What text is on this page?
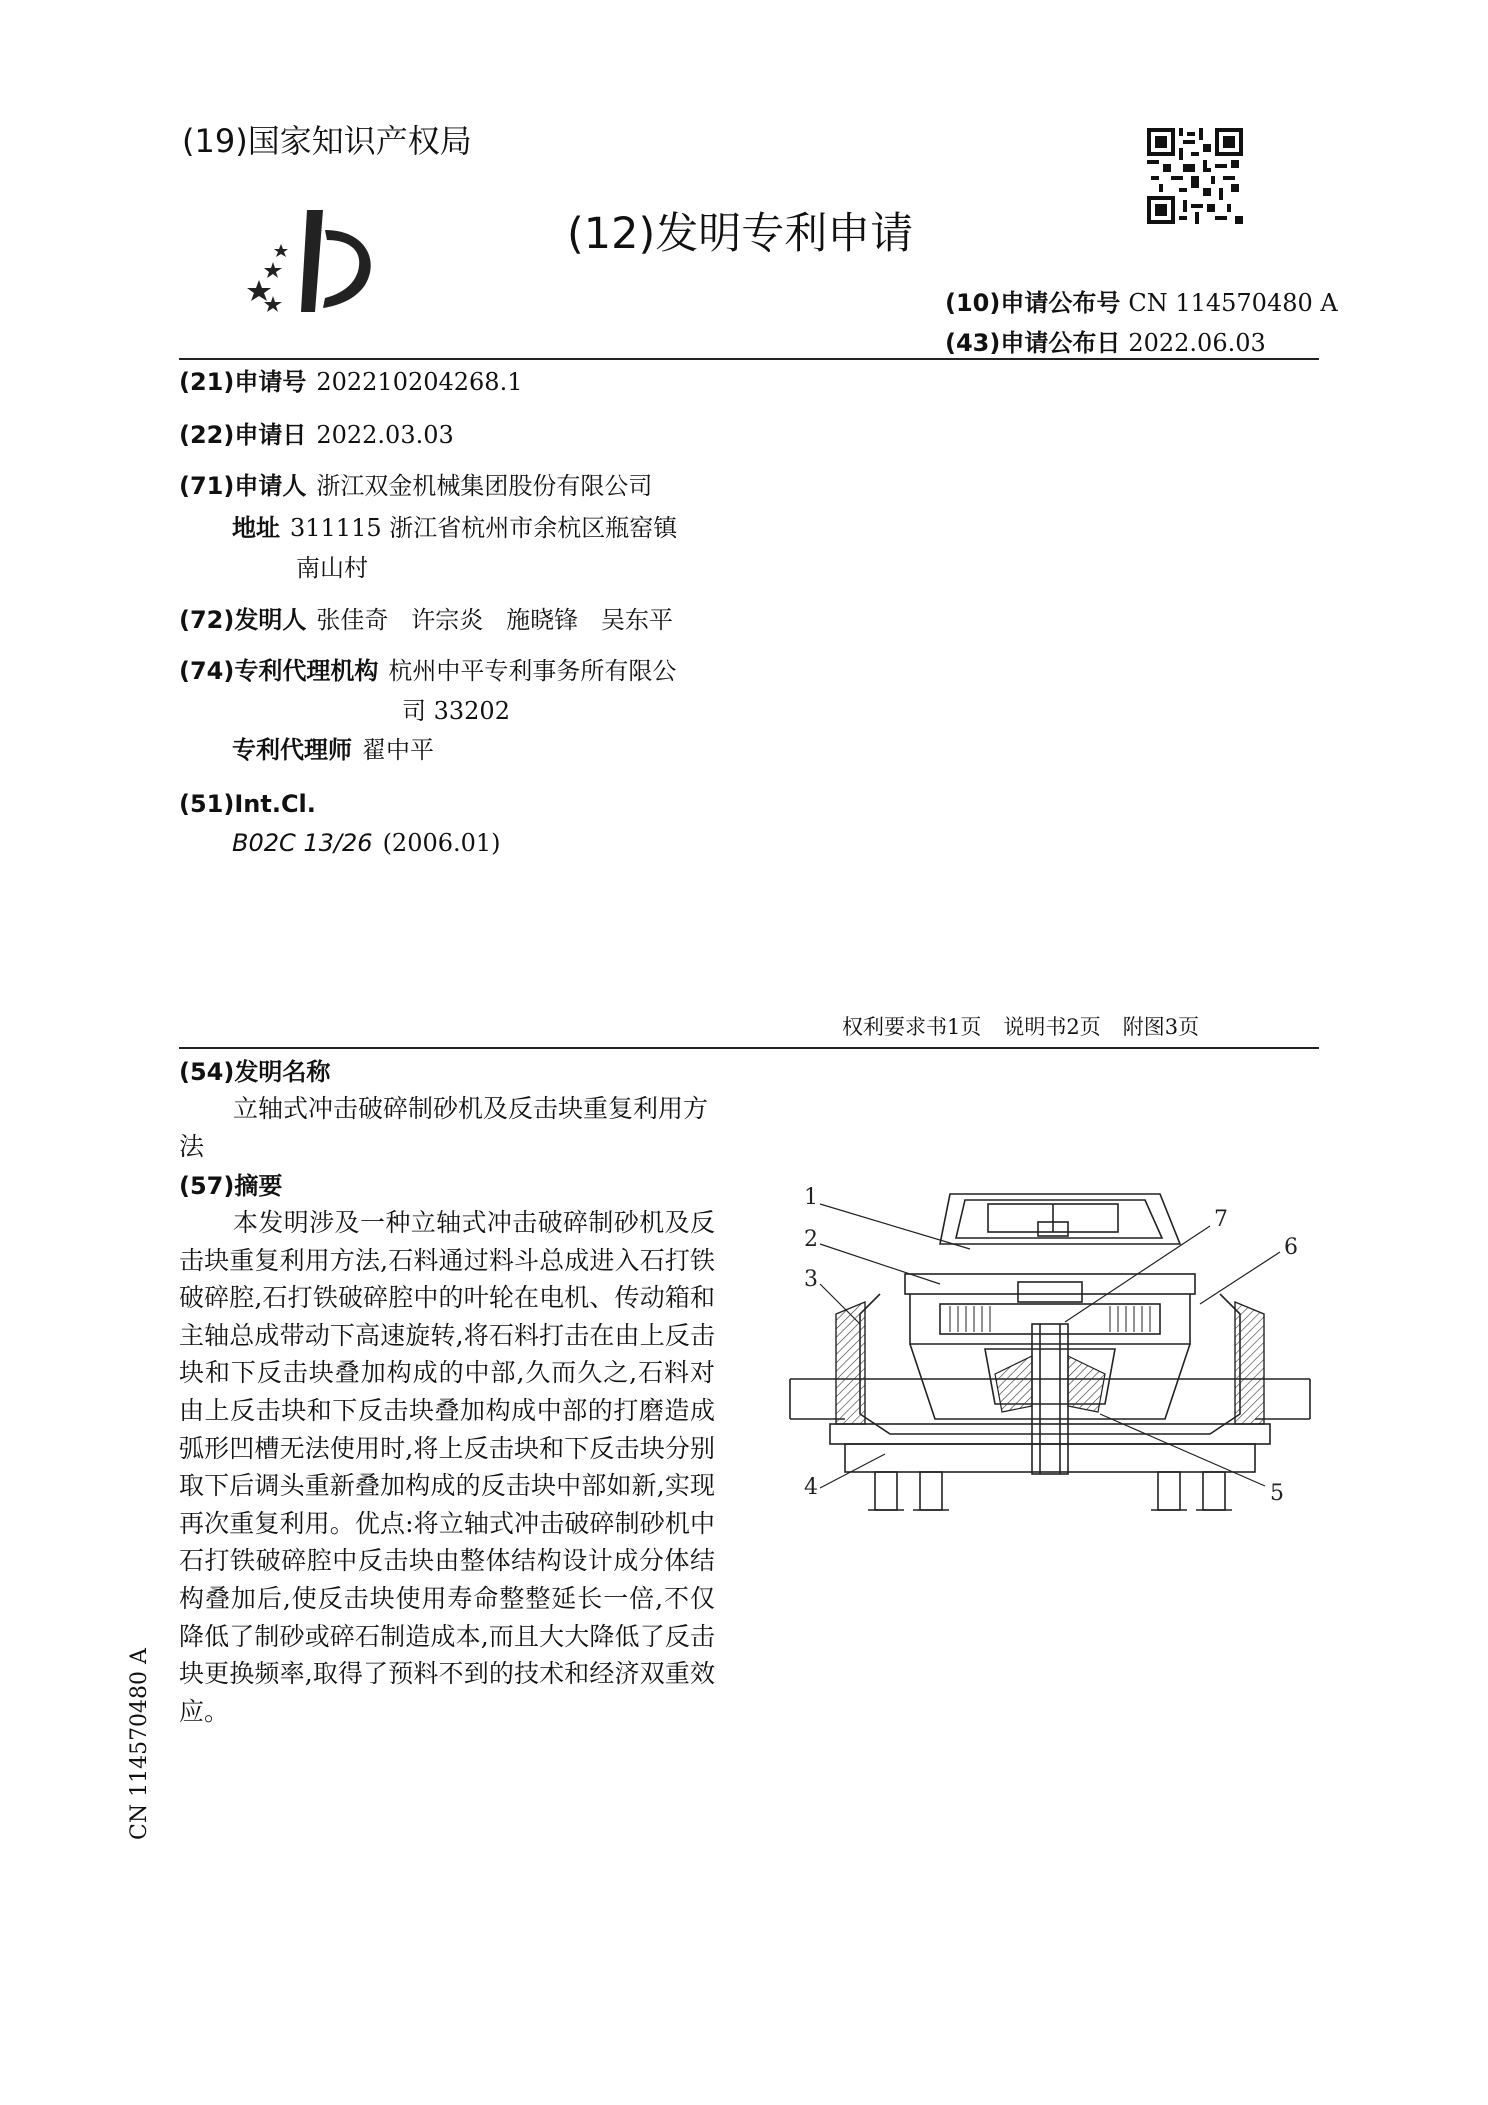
(19)国家知识产权局
(12)发明专利申请
(10)申请公布号 CN 114570480 A
(43)申请公布日 2022.06.03
(21)申请号 202210204268.1
(22)申请日 2022.03.03
(71)申请人 浙江双金机械集团股份有限公司
地址 311115 浙江省杭州市余杭区瓶窑镇
南山村
(72)发明人 张佳奇   许宗炎   施晓锋   吴东平
(74)专利代理机构 杭州中平专利事务所有限公
司 33202
专利代理师 翟中平
(51)Int.Cl.
B02C 13/26 (2006.01)
权利要求书1页 说明书2页 附图3页
(54)发明名称
立轴式冲击破碎制砂机及反击块重复利用方法
(57)摘要
本发明涉及一种立轴式冲击破碎制砂机及反击块重复利用方法,石料通过料斗总成进入石打铁破碎腔,石打铁破碎腔中的叶轮在电机、传动箱和主轴总成带动下高速旋转,将石料打击在由上反击块和下反击块叠加构成的中部,久而久之,石料对由上反击块和下反击块叠加构成中部的打磨造成弧形凹槽无法使用时,将上反击块和下反击块分别取下后调头重新叠加构成的反击块中部如新,实现再次重复利用。优点:将立轴式冲击破碎制砂机中石打铁破碎腔中反击块由整体结构设计成分体结构叠加后,使反击块使用寿命整整延长一倍,不仅降低了制砂或碎石制造成本,而且大大降低了反击块更换频率,取得了预料不到的技术和经济双重效应。
CN 114570480 A
1
2
3
4	5
6
7
